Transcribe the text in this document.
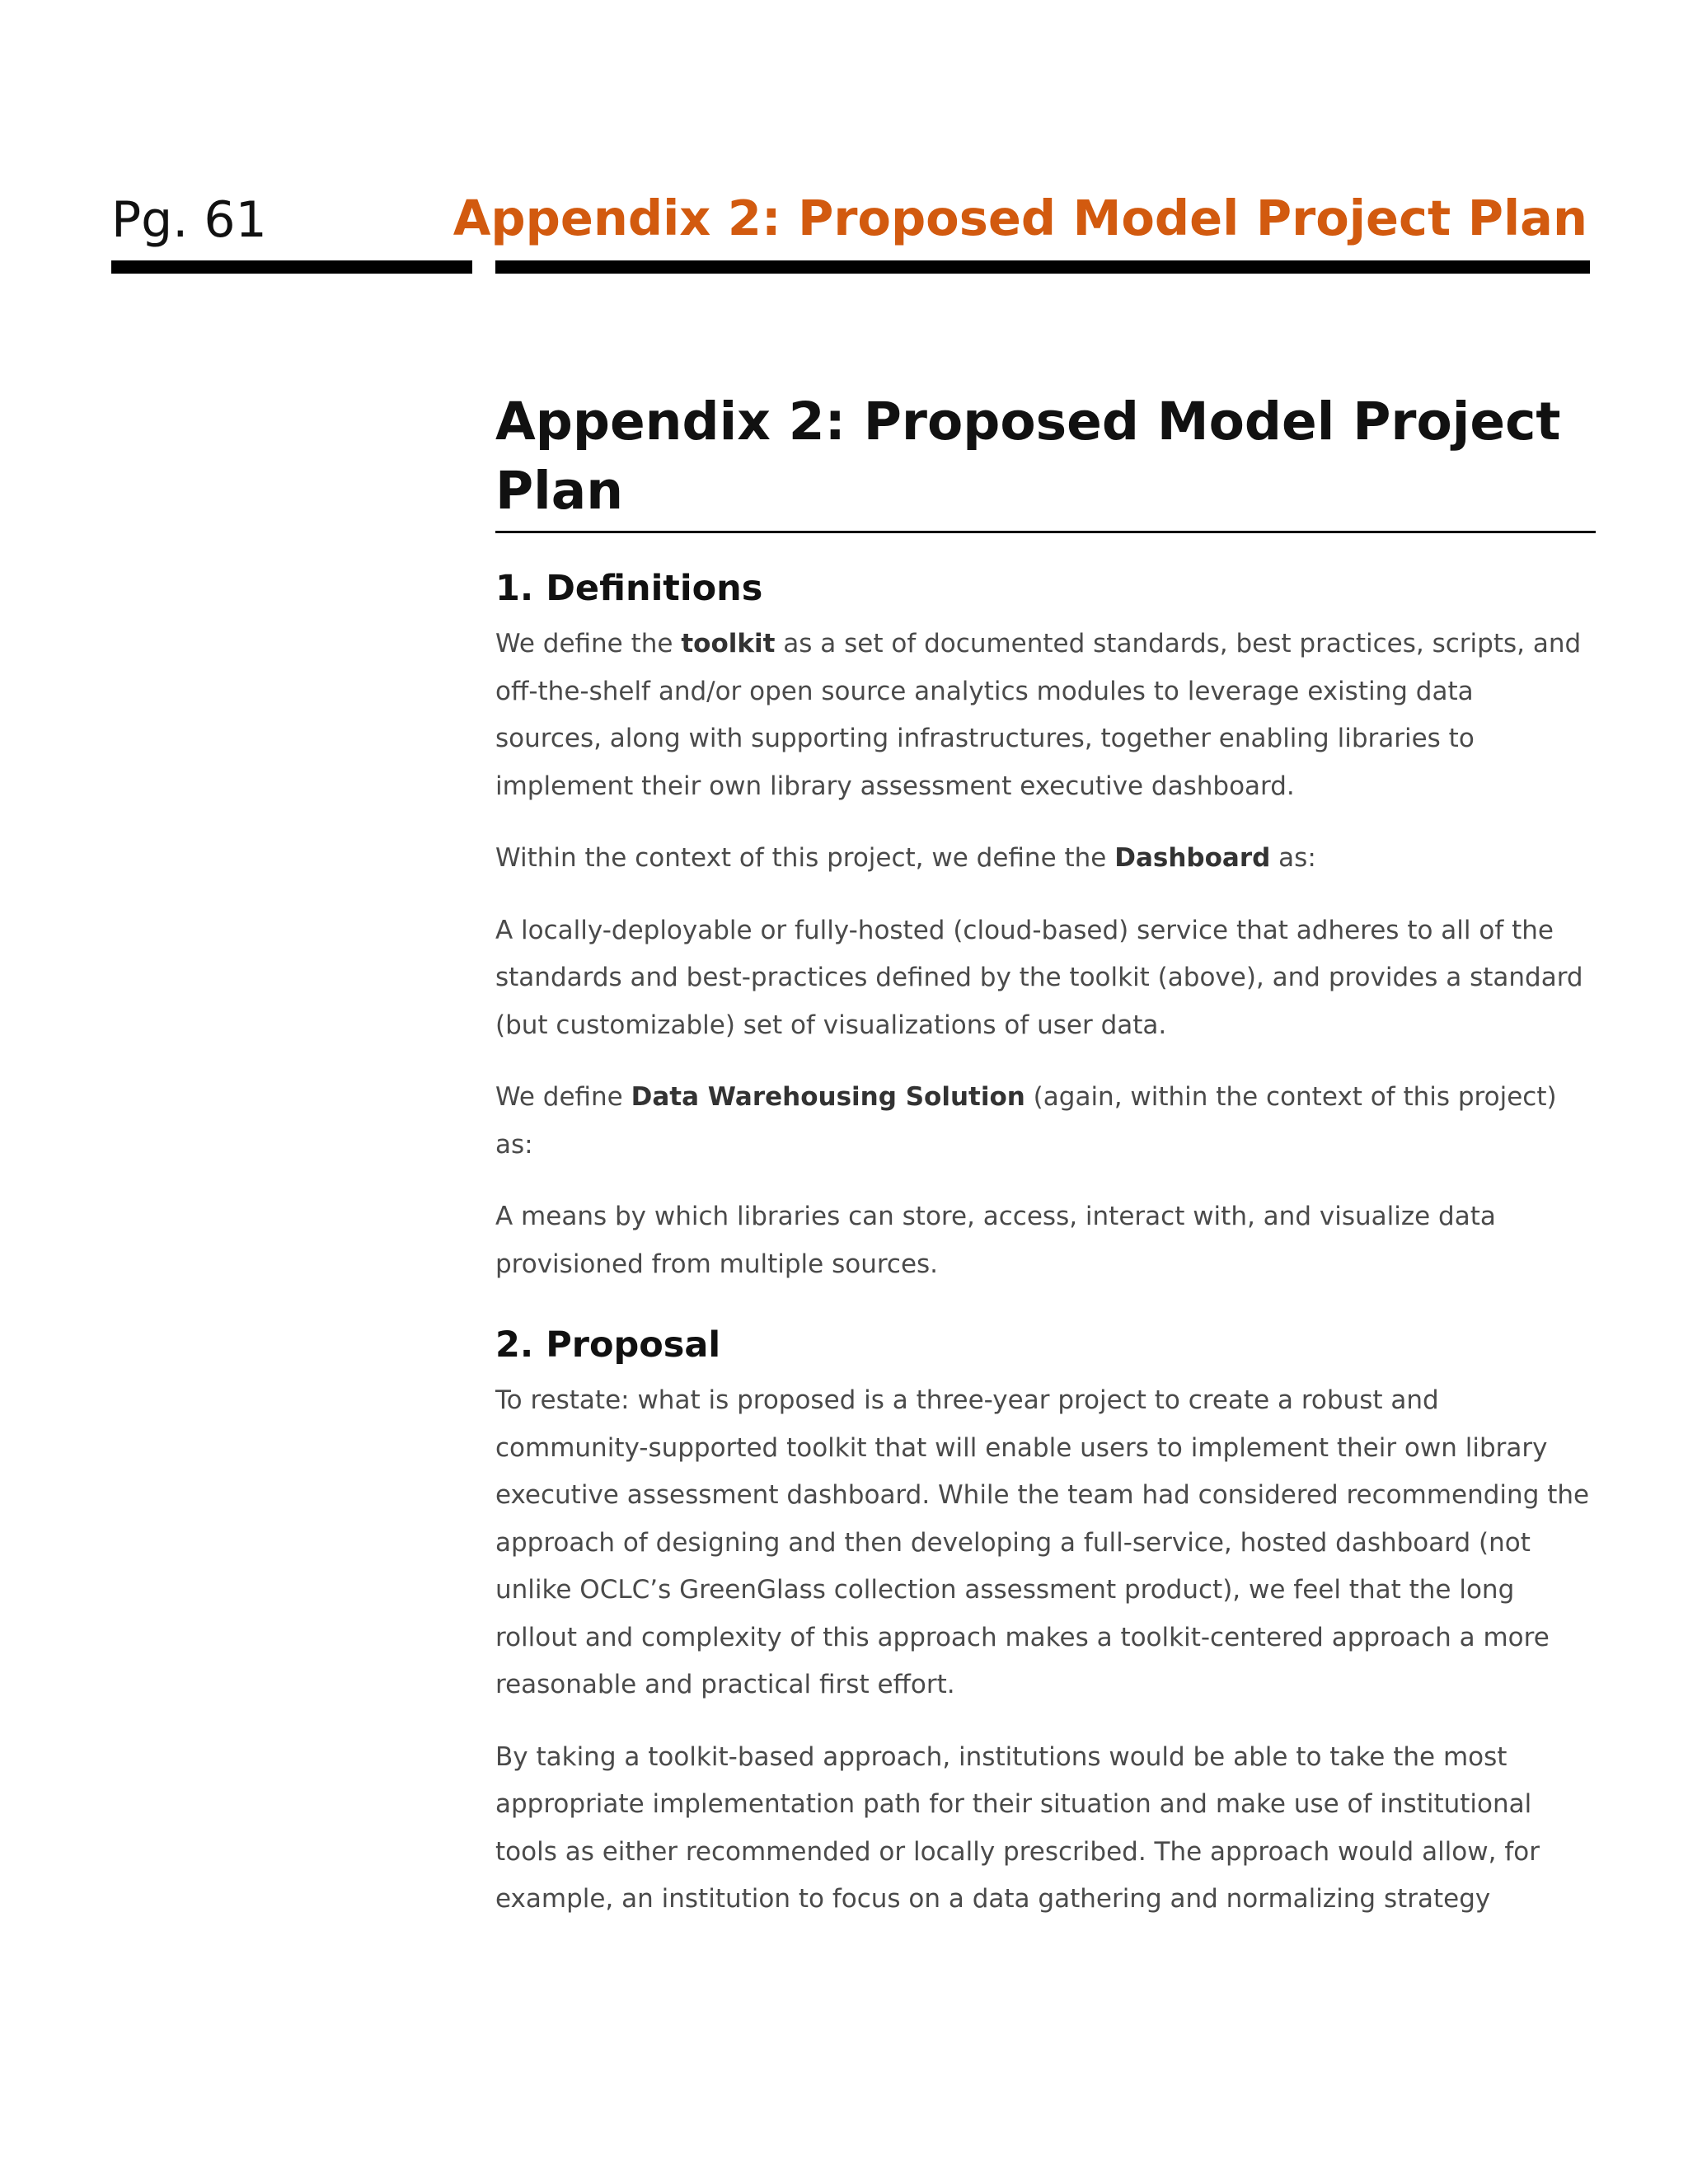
Pg. 61	Appendix 2: Proposed Model Project Plan
Appendix 2: Proposed Model Project Plan
1. Definitions

We define the toolkit as a set of documented standards, best practices, scripts, and off-the-shelf and/or open source analytics modules to leverage existing data sources, along with supporting infrastructures, together enabling libraries to implement their own library assessment executive dashboard.

Within the context of this project, we define the Dashboard as:

A locally-deployable or fully-hosted (cloud-based) service that adheres to all of the standards and best-practices defined by the toolkit (above), and provides a standard (but customizable) set of visualizations of user data.

We define Data Warehousing Solution (again, within the context of this project) as:

A means by which libraries can store, access, interact with, and visualize data provisioned from multiple sources.

2. Proposal

To restate: what is proposed is a three-year project to create a robust and community-supported toolkit that will enable users to implement their own library executive assessment dashboard. While the team had considered recommending the approach of designing and then developing a full-service, hosted dashboard (not unlike OCLC’s GreenGlass collection assessment product), we feel that the long rollout and complexity of this approach makes a toolkit-centered approach a more reasonable and practical first effort.

By taking a toolkit-based approach, institutions would be able to take the most appropriate implementation path for their situation and make use of institutional tools as either recommended or locally prescribed. The approach would allow, for example, an institution to focus on a data gathering and normalizing strategy
